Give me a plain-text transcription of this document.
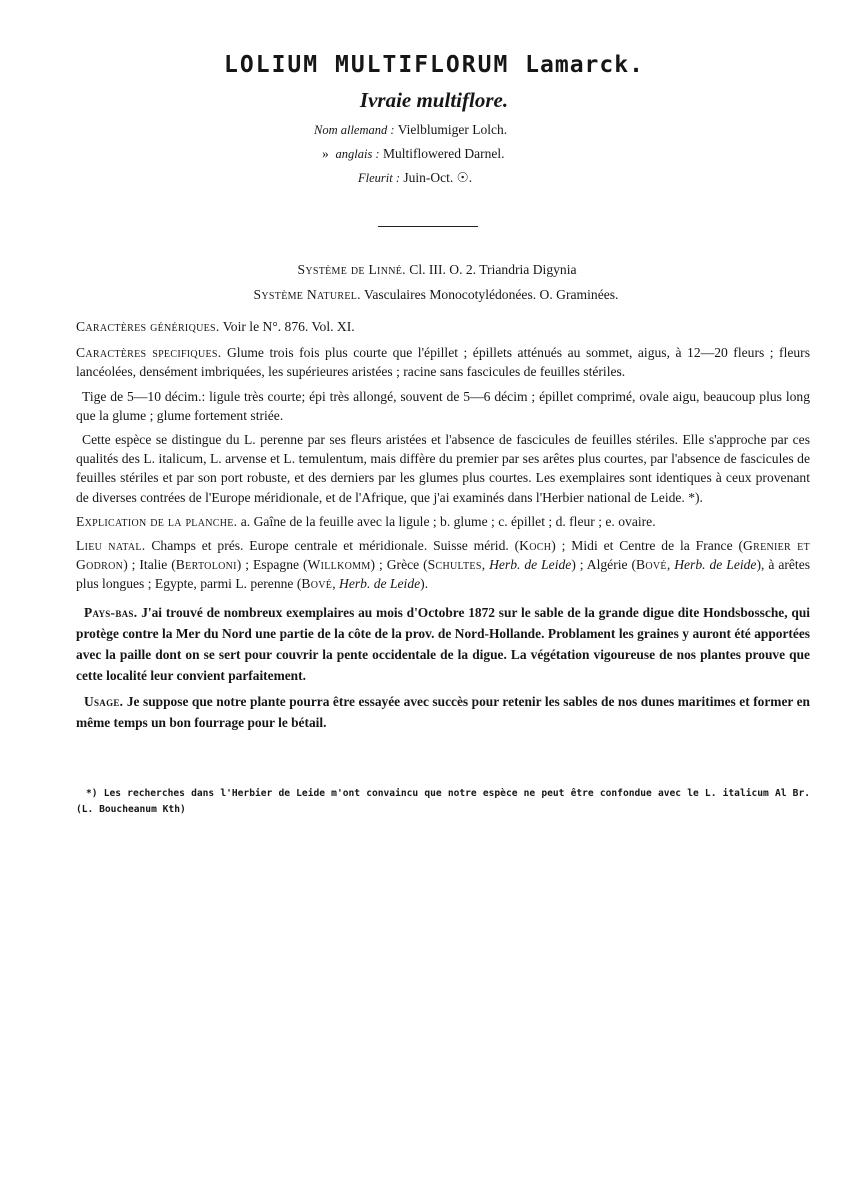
LOLIUM MULTIFLORUM Lamarck.
Ivraie multiflore.
Nom allemand : Vielblumiger Lolch.
» anglais : Multiflowered Darnel.
Fleurit : Juin-Oct. ☉.
Système de Linné. Cl. III. O. 2. Triandria Digynia
Système Naturel. Vasculaires Monocotylédonées. O. Graminées.

Caractères génériques. Voir le N°. 876. Vol. XI.

Caractères specifiques. Glume trois fois plus courte que l'épillet ; épillets atténués au sommet, aigus, à 12—20 fleurs ; fleurs lancéolées, densément imbriquées, les supérieures aristées ; racine sans fascicules de feuilles stériles.

Tige de 5—10 décim.: ligule très courte; épi très allongé, souvent de 5—6 décim ; épillet comprimé, ovale aigu, beaucoup plus long que la glume ; glume fortement striée.

Cette espèce se distingue du L. perenne par ses fleurs aristées et l'absence de fascicules de feuilles stériles. Elle s'approche par ces qualités des L. italicum, L. arvense et L. temulentum, mais diffère du premier par ses arêtes plus courtes, par l'absence de fascicules de feuilles stériles et par son port robuste, et des derniers par les glumes plus courtes. Les exemplaires sont identiques à ceux provenant de diverses contrées de l'Europe méridionale, et de l'Afrique, que j'ai examinés dans l'Herbier national de Leide. *).

Explication de la planche. a. Gaîne de la feuille avec la ligule ; b. glume ; c. épillet ; d. fleur ; e. ovaire.

Lieu natal. Champs et prés. Europe centrale et méridionale. Suisse mérid. (Koch) ; Midi et Centre de la France (Grenier et Godron) ; Italie (Bertoloni) ; Espagne (Willkomm) ; Grèce (Schultes, Herb. de Leide) ; Algérie (Bové, Herb. de Leide), à arêtes plus longues ; Egypte, parmi L. perenne (Bové, Herb. de Leide).

Pays-bas. J'ai trouvé de nombreux exemplaires au mois d'Octobre 1872 sur le sable de la grande digue dite Hondsbossche, qui protège contre la Mer du Nord une partie de la côte de la prov. de Nord-Hollande. Problament les graines y auront été apportées avec la paille dont on se sert pour couvrir la pente occidentale de la digue. La végétation vigoureuse de nos plantes prouve que cette localité leur convient parfaitement.

Usage. Je suppose que notre plante pourra être essayée avec succès pour retenir les sables de nos dunes maritimes et former en même temps un bon fourrage pour le bétail.

*) Les recherches dans l'Herbier de Leide m'ont convaincu que notre espèce ne peut être confondue avec le L. italicum Al Br. (L. Boucheanum Kth)
